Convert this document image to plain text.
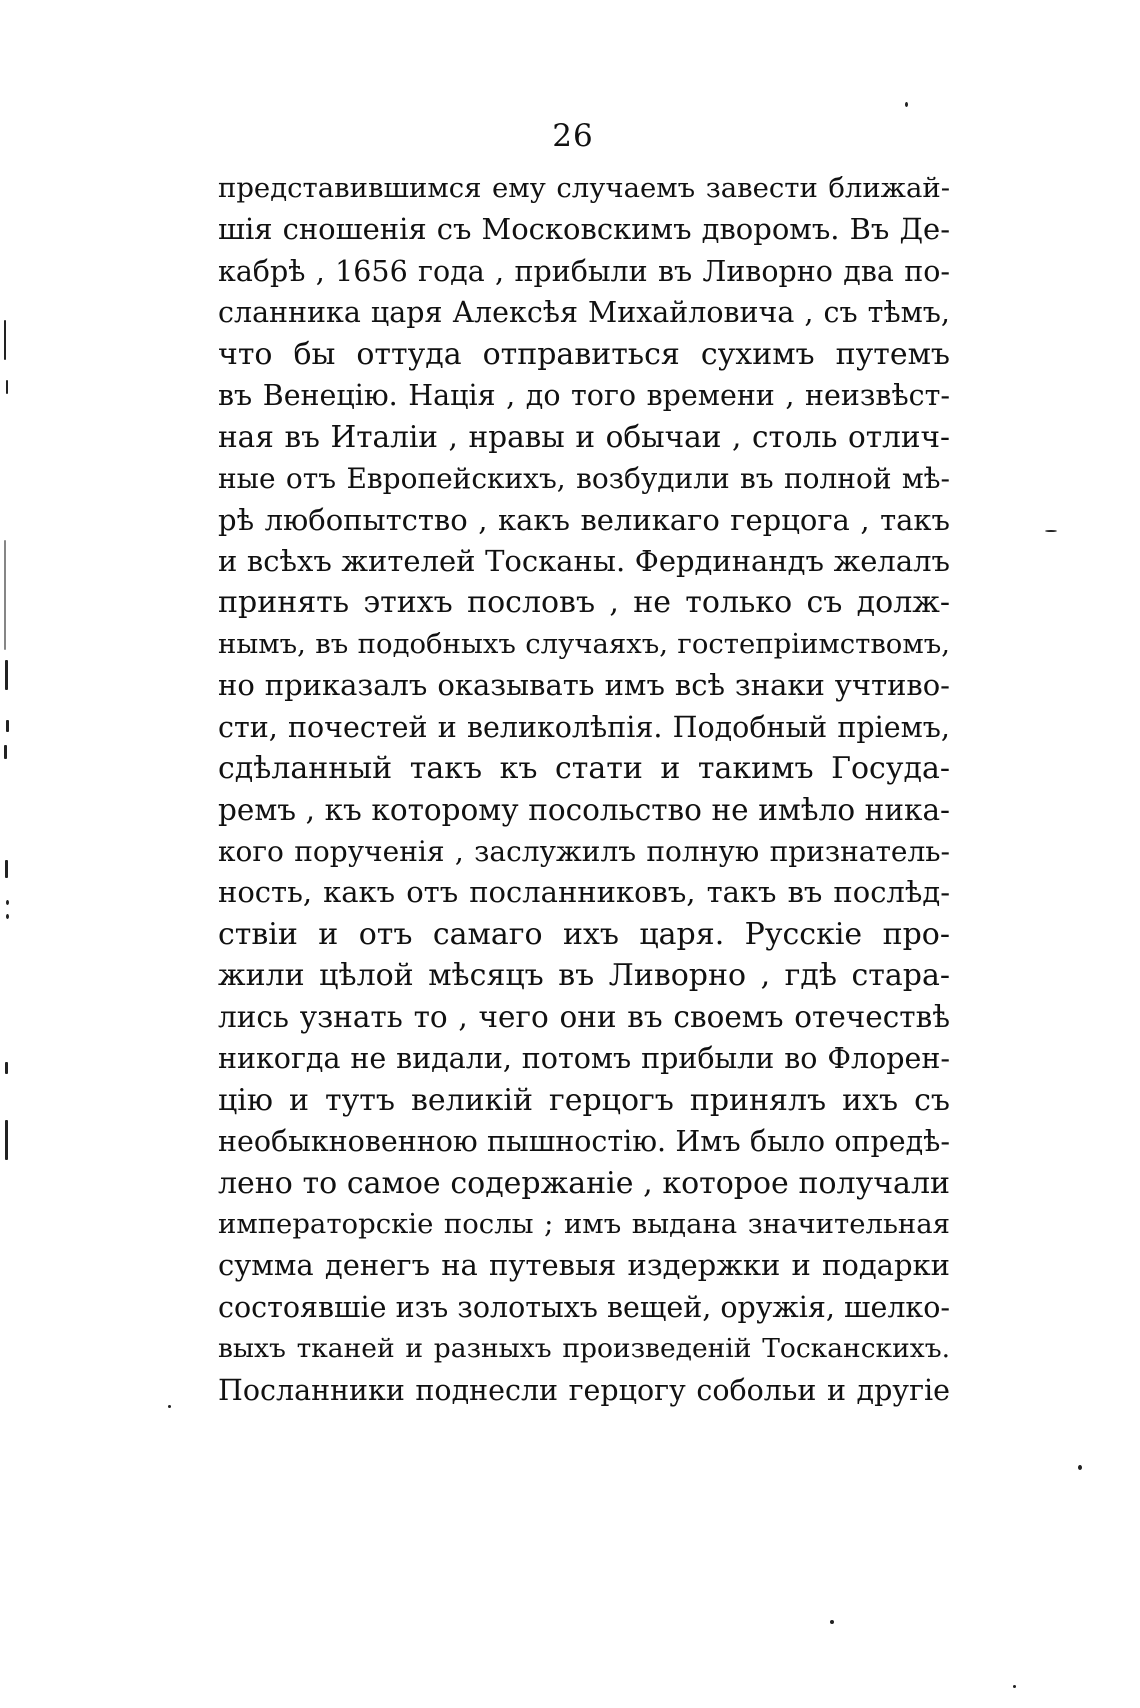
26
представившимся ему случаемъ завести ближай-
шія сношенія съ Московскимъ дворомъ. Въ Де-
кабрѣ , 1656 года , прибыли въ Ливорно два по-
сланника царя Алексѣя Михайловича , съ тѣмъ,
что бы оттуда отправиться сухимъ путемъ
въ Венецію. Нація , до того времени , неизвѣст-
ная въ Италіи , нравы и обычаи , столь отлич-
ные отъ Европейскихъ, возбудили въ полной мѣ-
рѣ любопытство , какъ великаго герцога , такъ
и всѣхъ жителей Тосканы. Фердинандъ желалъ
принять этихъ пословъ , не только съ долж-
нымъ, въ подобныхъ случаяхъ, гостепріимствомъ,
но приказалъ оказывать имъ всѣ знаки учтиво-
сти, почестей и великолѣпія. Подобный пріемъ,
сдѣланный такъ къ стати и такимъ Госуда-
ремъ , къ которому посольство не имѣло ника-
кого порученія , заслужилъ полную признатель-
ность, какъ отъ посланниковъ, такъ въ послѣд-
ствіи и отъ самаго ихъ царя. Русскіе про-
жили цѣлой мѣсяцъ въ Ливорно , гдѣ стара-
лись узнать то , чего они въ своемъ отечествѣ
никогда не видали, потомъ прибыли во Флорен-
цію и тутъ великій герцогъ принялъ ихъ съ
необыкновенною пышностію. Имъ было опредѣ-
лено то самое содержаніе , которое получали
императорскіе послы ; имъ выдана значительная
сумма денегъ на путевыя издержки и подарки
состоявшіе изъ золотыхъ вещей, оружія, шелко-
выхъ тканей и разныхъ произведеній Тосканскихъ.
Посланники поднесли герцогу собольи и другіе
